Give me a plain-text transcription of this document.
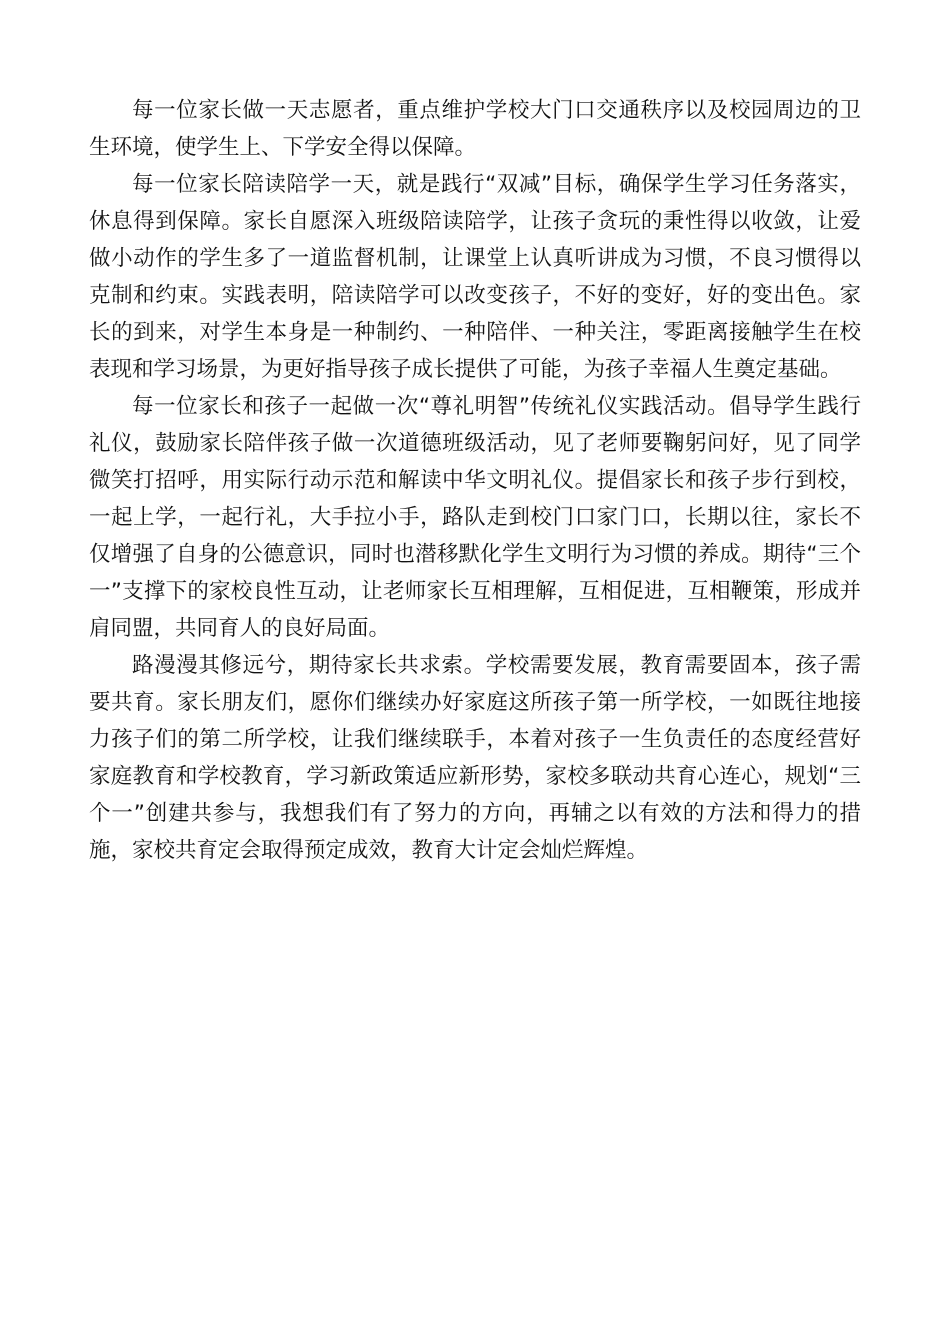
每一位家长做一天志愿者，重点维护学校大门口交通秩序以及校园周边的卫生环境，使学生上、下学安全得以保障。

每一位家长陪读陪学一天，就是践行“双减”目标，确保学生学习任务落实，休息得到保障。家长自愿深入班级陪读陪学，让孩子贪玩的秉性得以收敛，让爱做小动作的学生多了一道监督机制，让课堂上认真听讲成为习惯，不良习惯得以克制和约束。实践表明，陪读陪学可以改变孩子，不好的变好，好的变出色。家长的到来，对学生本身是一种制约、一种陪伴、一种关注，零距离接触学生在校表现和学习场景，为更好指导孩子成长提供了可能，为孩子幸福人生奠定基础。

每一位家长和孩子一起做一次“尊礼明智”传统礼仪实践活动。倡导学生践行礼仪，鼓励家长陪伴孩子做一次道德班级活动，见了老师要鞠躬问好，见了同学微笑打招呼，用实际行动示范和解读中华文明礼仪。提倡家长和孩子步行到校，一起上学，一起行礼，大手拉小手，路队走到校门口家门口，长期以往，家长不仅增强了自身的公德意识，同时也潜移默化学生文明行为习惯的养成。期待“三个一”支撑下的家校良性互动，让老师家长互相理解，互相促进，互相鞭策，形成并肩同盟，共同育人的良好局面。

路漫漫其修远兮，期待家长共求索。学校需要发展，教育需要固本，孩子需要共育。家长朋友们，愿你们继续办好家庭这所孩子第一所学校，一如既往地接力孩子们的第二所学校，让我们继续联手，本着对孩子一生负责任的态度经营好家庭教育和学校教育，学习新政策适应新形势，家校多联动共育心连心，规划“三个一”创建共参与，我想我们有了努力的方向，再辅之以有效的方法和得力的措施，家校共育定会取得预定成效，教育大计定会灿烂辉煌。
